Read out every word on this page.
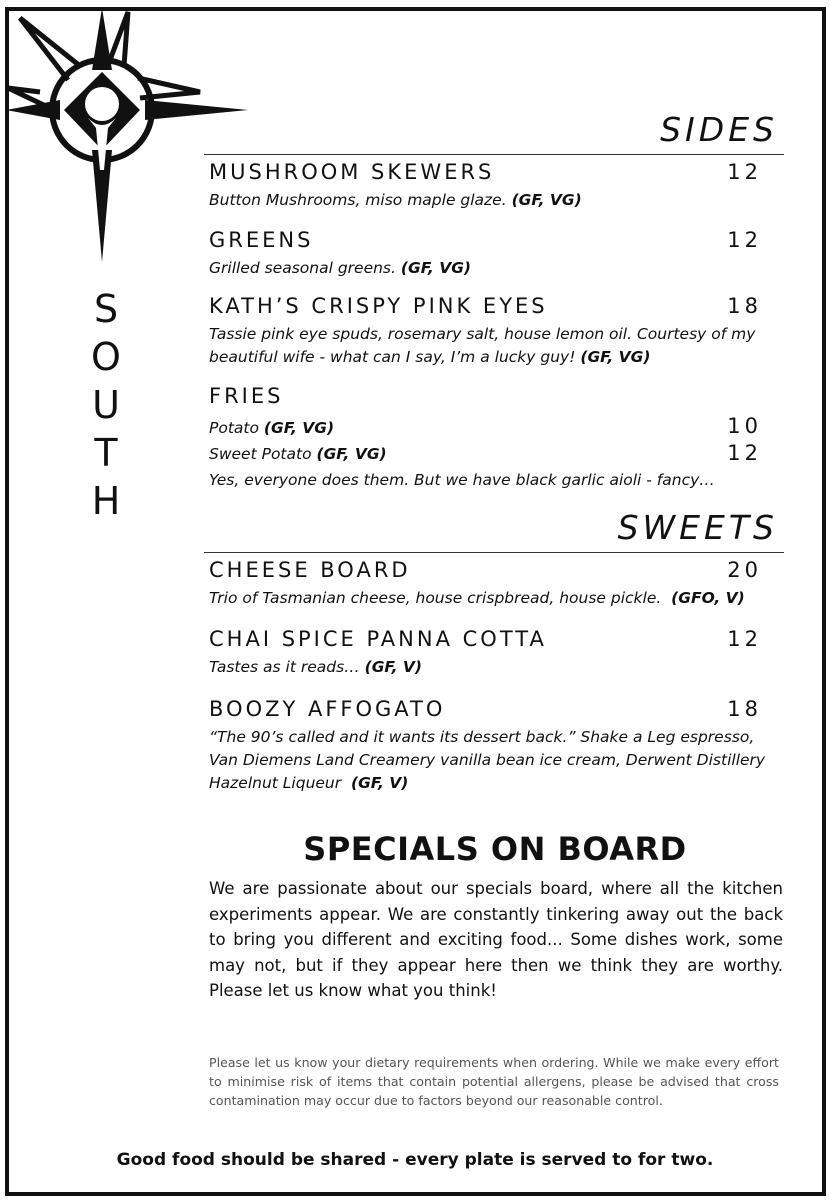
S
O
U
T
H
SIDES
MUSHROOM SKEWERS	12
Button Mushrooms, miso maple glaze. (GF, VG)
GREENS	12
Grilled seasonal greens. (GF, VG)
KATH’S CRISPY PINK EYES	18
Tassie pink eye spuds, rosemary salt, house lemon oil. Courtesy of my beautiful wife - what can I say, I’m a lucky guy! (GF, VG)
FRIES
Potato (GF, VG)	10
Sweet Potato (GF, VG)	12
Yes, everyone does them. But we have black garlic aioli - fancy…
SWEETS
CHEESE BOARD	20
Trio of Tasmanian cheese, house crispbread, house pickle. (GFO, V)
CHAI SPICE PANNA COTTA	12
Tastes as it reads… (GF, V)
BOOZY AFFOGATO	18
“The 90’s called and it wants its dessert back.” Shake a Leg espresso, Van Diemens Land Creamery vanilla bean ice cream, Derwent Distillery Hazelnut Liqueur (GF, V)
SPECIALS ON BOARD
We are passionate about our specials board, where all the kitchen experiments appear. We are constantly tinkering away out the back to bring you different and exciting food... Some dishes work, some may not, but if they appear here then we think they are worthy. Please let us know what you think!
Please let us know your dietary requirements when ordering. While we make every effort to minimise risk of items that contain potential allergens, please be advised that cross contamination may occur due to factors beyond our reasonable control.
Good food should be shared - every plate is served to for two.
